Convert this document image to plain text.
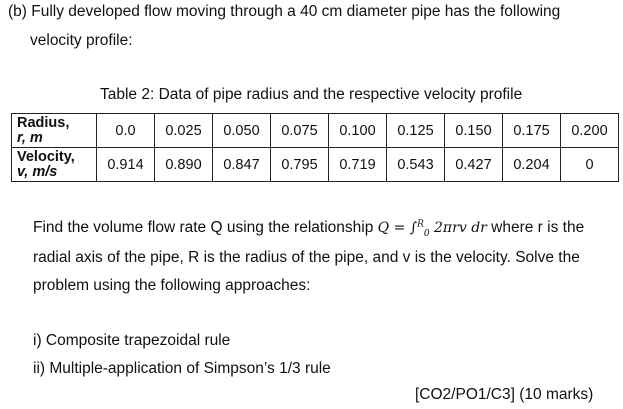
(b) Fully developed flow moving through a 40 cm diameter pipe has the following
velocity profile:
Table 2: Data of pipe radius and the respective velocity profile
Radius,
r, m	0.0	0.025	0.050	0.075	0.100	0.125	0.150	0.175	0.200

Velocity,
v, m/s	0.914	0.890	0.847	0.795	0.719	0.543	0.427	0.204	0
Find the volume flow rate Q using the relationship Q = ∫$^R_0$ 2πrv dr where r is the
radial axis of the pipe, R is the radius of the pipe, and v is the velocity. Solve the
problem using the following approaches:
i) Composite trapezoidal rule
ii) Multiple-application of Simpson’s 1/3 rule
[CO2/PO1/C3] (10 marks)
